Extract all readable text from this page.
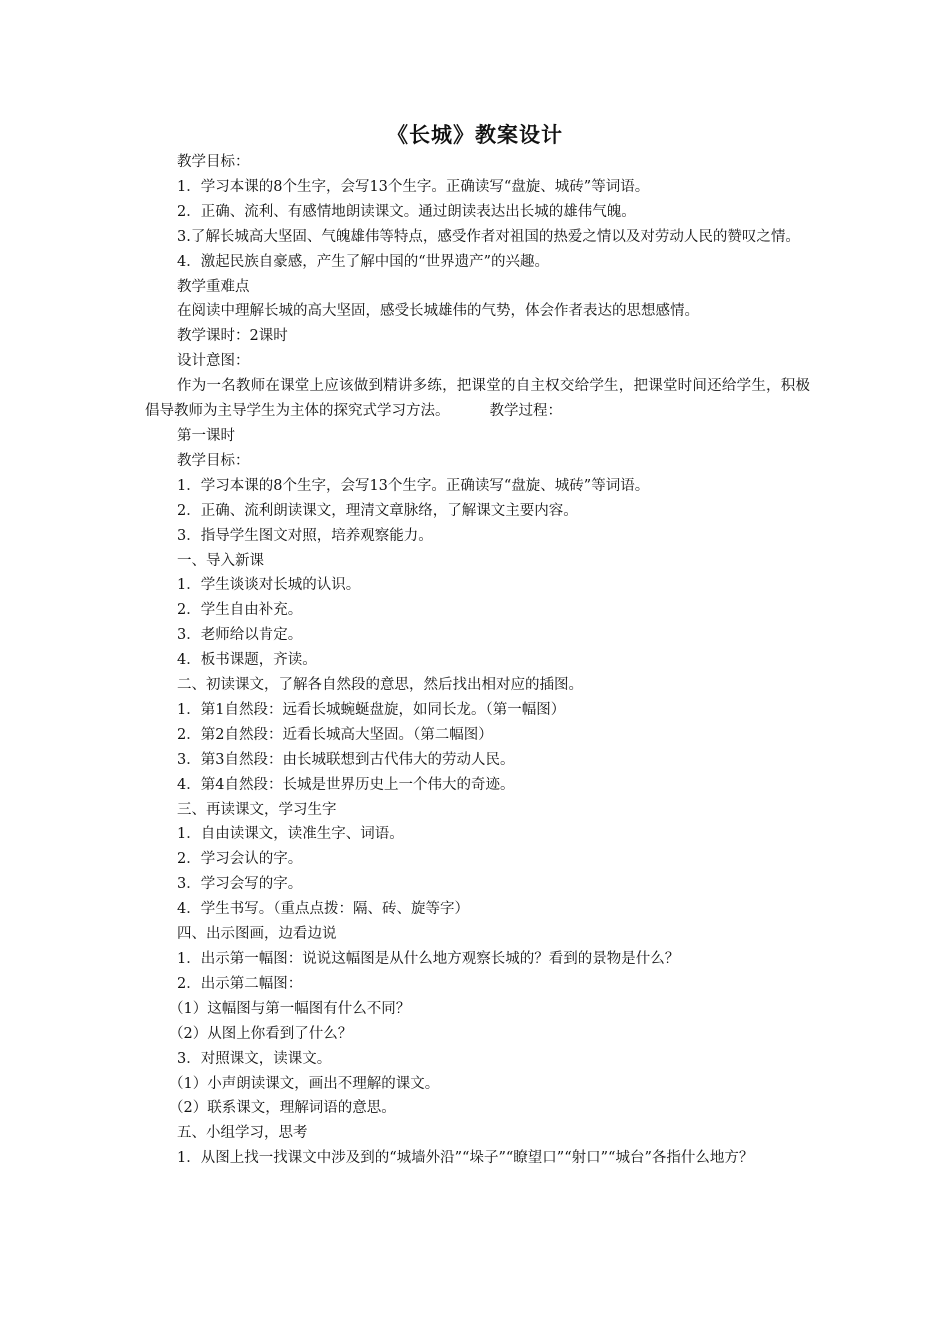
《长城》教案设计

教学目标：

1．学习本课的8个生字，会写13个生字。正确读写“盘旋、城砖”等词语。

2．正确、流利、有感情地朗读课文。通过朗读表达出长城的雄伟气魄。

3.了解长城高大坚固、气魄雄伟等特点，感受作者对祖国的热爱之情以及对劳动人民的赞叹之情。

4．激起民族自豪感，产生了解中国的“世界遗产”的兴趣。

教学重难点

在阅读中理解长城的高大坚固，感受长城雄伟的气势，体会作者表达的思想感情。

教学课时：2课时

设计意图：

作为一名教师在课堂上应该做到精讲多练，把课堂的自主权交给学生，把课堂时间还给学生，积极倡导教师为主导学生为主体的探究式学习方法。	教学过程：

第一课时

教学目标：

1．学习本课的8个生字，会写13个生字。正确读写“盘旋、城砖”等词语。

2．正确、流利朗读课文，理清文章脉络，了解课文主要内容。

3．指导学生图文对照，培养观察能力。

一、导入新课

1．学生谈谈对长城的认识。

2．学生自由补充。

3．老师给以肯定。

4．板书课题，齐读。

二、初读课文，了解各自然段的意思，然后找出相对应的插图。

1．第1自然段：远看长城蜿蜒盘旋，如同长龙。（第一幅图）

2．第2自然段：近看长城高大坚固。（第二幅图）

3．第3自然段：由长城联想到古代伟大的劳动人民。

4．第4自然段：长城是世界历史上一个伟大的奇迹。

三、再读课文，学习生字

1．自由读课文，读准生字、词语。

2．学习会认的字。

3．学习会写的字。

4．学生书写。（重点点拨：隔、砖、旋等字）

四、出示图画，边看边说

1．出示第一幅图：说说这幅图是从什么地方观察长城的？看到的景物是什么？

2．出示第二幅图：

（1）这幅图与第一幅图有什么不同？

（2）从图上你看到了什么？

3．对照课文，读课文。

（1）小声朗读课文，画出不理解的课文。

（2）联系课文，理解词语的意思。

五、小组学习，思考

1．从图上找一找课文中涉及到的“城墙外沿”“垛子”“瞭望口”“射口”“城台”各指什么地方？
